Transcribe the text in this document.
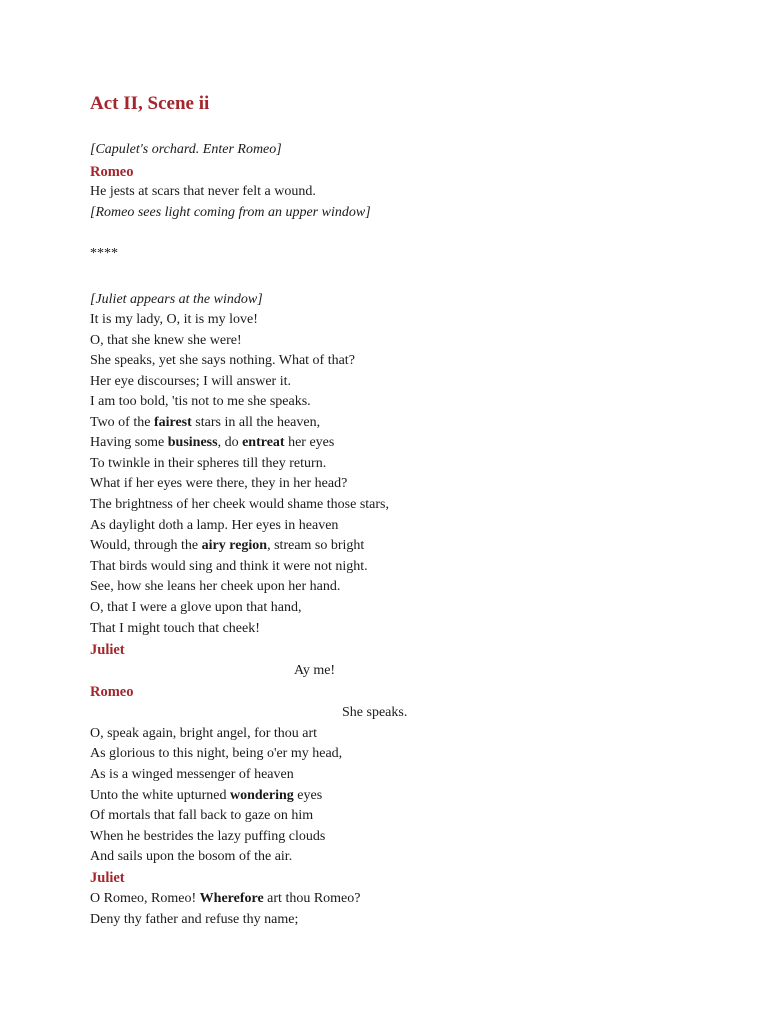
Act II, Scene ii
[Capulet's orchard. Enter Romeo]
Romeo
He jests at scars that never felt a wound.
[Romeo sees light coming from an upper window]
****
[Juliet appears at the window]
It is my lady, O, it is my love!
O, that she knew she were!
She speaks, yet she says nothing. What of that?
Her eye discourses; I will answer it.
I am too bold, 'tis not to me she speaks.
Two of the fairest stars in all the heaven,
Having some business, do entreat her eyes
To twinkle in their spheres till they return.
What if her eyes were there, they in her head?
The brightness of her cheek would shame those stars,
As daylight doth a lamp. Her eyes in heaven
Would, through the airy region, stream so bright
That birds would sing and think it were not night.
See, how she leans her cheek upon her hand.
O, that I were a glove upon that hand,
That I might touch that cheek!
Juliet
Ay me!
Romeo
She speaks.
O, speak again, bright angel, for thou art
As glorious to this night, being o'er my head,
As is a winged messenger of heaven
Unto the white upturned wondering eyes
Of mortals that fall back to gaze on him
When he bestrides the lazy puffing clouds
And sails upon the bosom of the air.
Juliet
O Romeo, Romeo! Wherefore art thou Romeo?
Deny thy father and refuse thy name;
